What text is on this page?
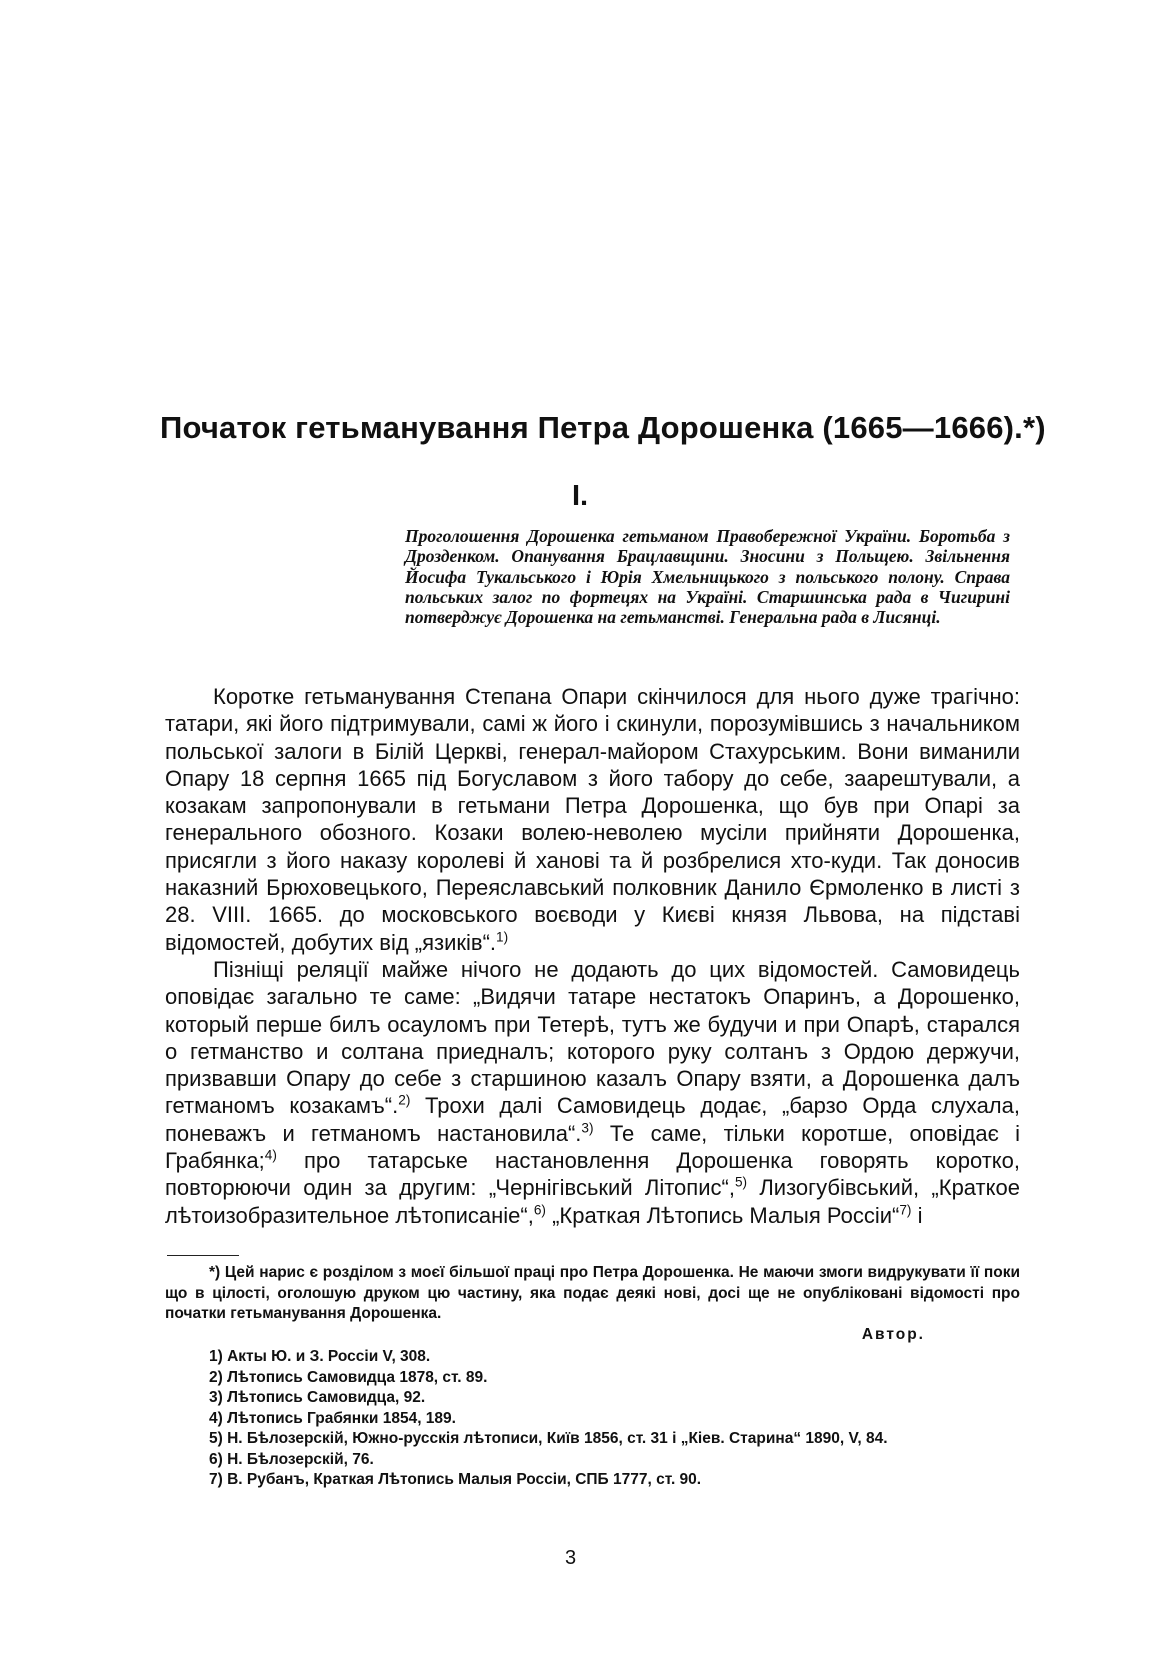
Початок гетьманування Петра Дорошенка (1665—1666).*)
I.
Проголошення Дорошенка гетьманом Правобережної України. Боротьба з Дрозденком. Опанування Брацлавщини. Зносини з Польщею. Звільнення Йосифа Тукальського і Юрія Хмельницького з польського полону. Справа польських залог по фортецях на Україні. Старшинська рада в Чигирині потверджує Дорошенка на гетьманстві. Генеральна рада в Лисянці.

Коротке гетьманування Степана Опари скінчилося для нього дуже трагічно: татари, які його підтримували, самі ж його і скинули, порозумівшись з начальником польської залоги в Білій Церкві, генерал-майором Стахурським. Вони виманили Опару 18 серпня 1665 під Богуславом з його табору до себе, заарештували, а козакам запропонували в гетьмани Петра Дорошенка, що був при Опарі за генерального обозного. Козаки волею-неволею мусіли прийняти Дорошенка, присягли з його наказу королеві й ханові та й розбрелися хто-куди. Так доносив наказний Брюховецького, Переяславський полковник Данило Єрмоленко в листі з 28. VIII. 1665. до московського воєводи у Києві князя Львова, на підставі відомостей, добутих від „язиків“.$^{1)}$

Пізніщі реляції майже нічого не додають до цих відомостей. Самовидець оповідає загально те саме: „Видячи татаре нестатокъ Опаринъ, а Дорошенко, который перше билъ осауломъ при Тетерѣ, тутъ же будучи и при Опарѣ, старался о гетманство и солтана приедналъ; которого руку солтанъ з Ордою держучи, призвавши Опару до себе з старшиною казалъ Опару взяти, а Дорошенка далъ гетманомъ козакамъ“.$^{2)}$ Трохи далі Самовидець додає, „барзо Орда слухала, поневажъ и гетманомъ настановила“.$^{3)}$ Те саме, тільки коротше, оповідає і Грабянка;$^{4)}$ про татарське настановлення Дорошенка говорять коротко, повторюючи один за другим: „Чернігівський Літопис“,$^{5)}$ Лизогубівський, „Краткое лѣтоизобразительное лѣтописаніе“,$^{6)}$ „Краткая Лѣтопись Малыя Россіи“$^{7)}$ і

*) Цей нарис є розділом з моєї більшої праці про Петра Дорошенка. Не маючи змоги видрукувати її поки що в цілості, оголошую друком цю частину, яка подає деякі нові, досі ще не опубліковані відомості про початки гетьманування Дорошенка.

Автор.

1) Акты Ю. и З. Россіи V, 308.
2) Лѣтопись Самовидца 1878, ст. 89.
3) Лѣтопись Самовидца, 92.
4) Лѣтопись Грабянки 1854, 189.
5) Н. Бѣлозерскій, Южно-русскія лѣтописи, Київ 1856, ст. 31 і „Кіев. Старина“ 1890, V, 84.
6) Н. Бѣлозерскій, 76.
7) В. Рубанъ, Краткая Лѣтопись Малыя Россіи, СПБ 1777, ст. 90.
3
